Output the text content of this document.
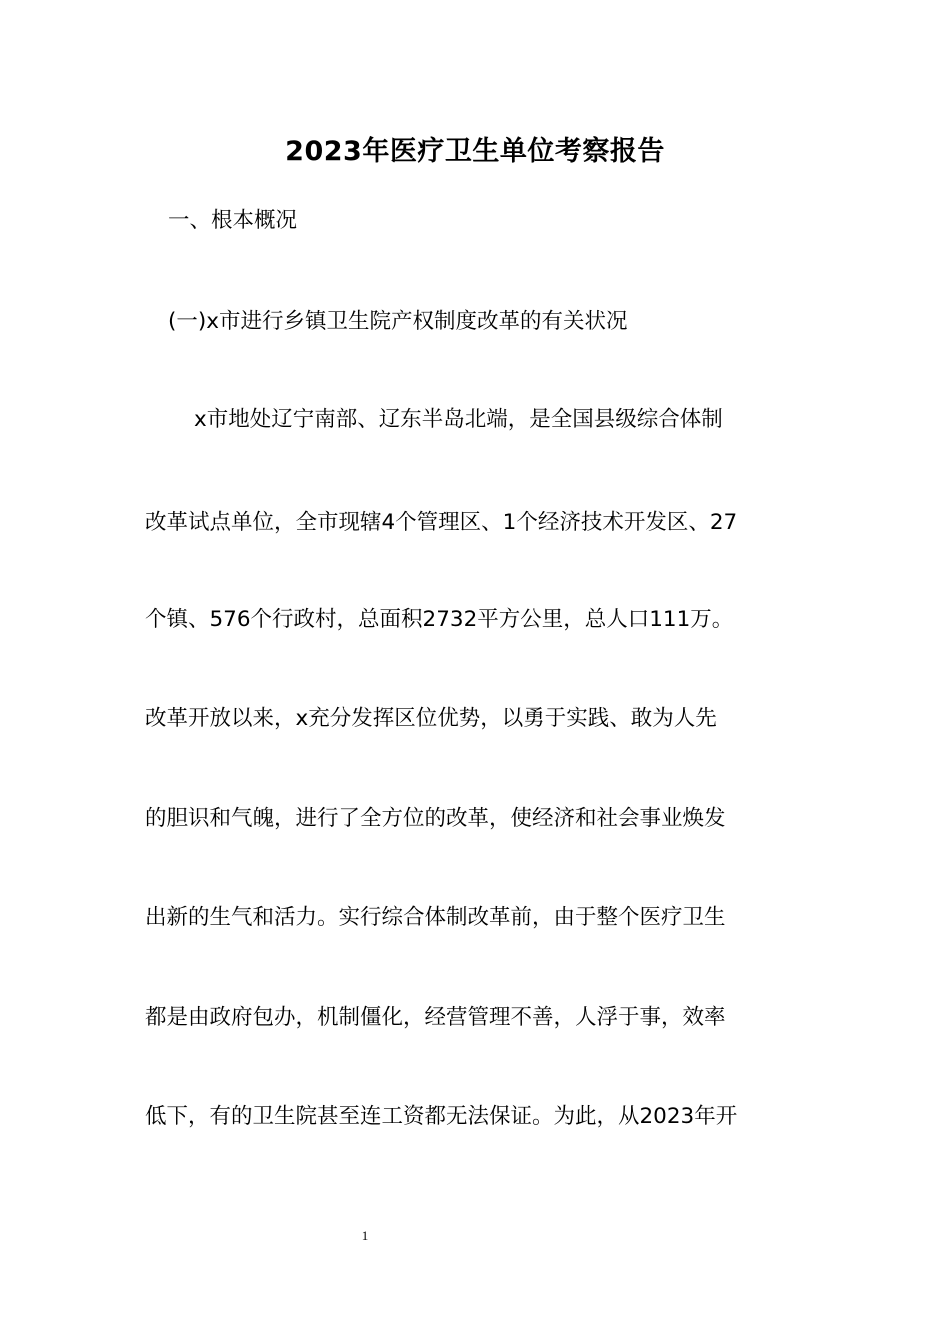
2023年医疗卫生单位考察报告
一、根本概况
(一)x市进行乡镇卫生院产权制度改革的有关状况
x市地处辽宁南部、辽东半岛北端，是全国县级综合体制
改革试点单位，全市现辖4个管理区、1个经济技术开发区、27
个镇、576个行政村，总面积2732平方公里，总人口111万。
改革开放以来，x充分发挥区位优势，以勇于实践、敢为人先
的胆识和气魄，进行了全方位的改革，使经济和社会事业焕发
出新的生气和活力。实行综合体制改革前，由于整个医疗卫生
都是由政府包办，机制僵化，经营管理不善，人浮于事，效率
低下，有的卫生院甚至连工资都无法保证。为此，从2023年开
1
